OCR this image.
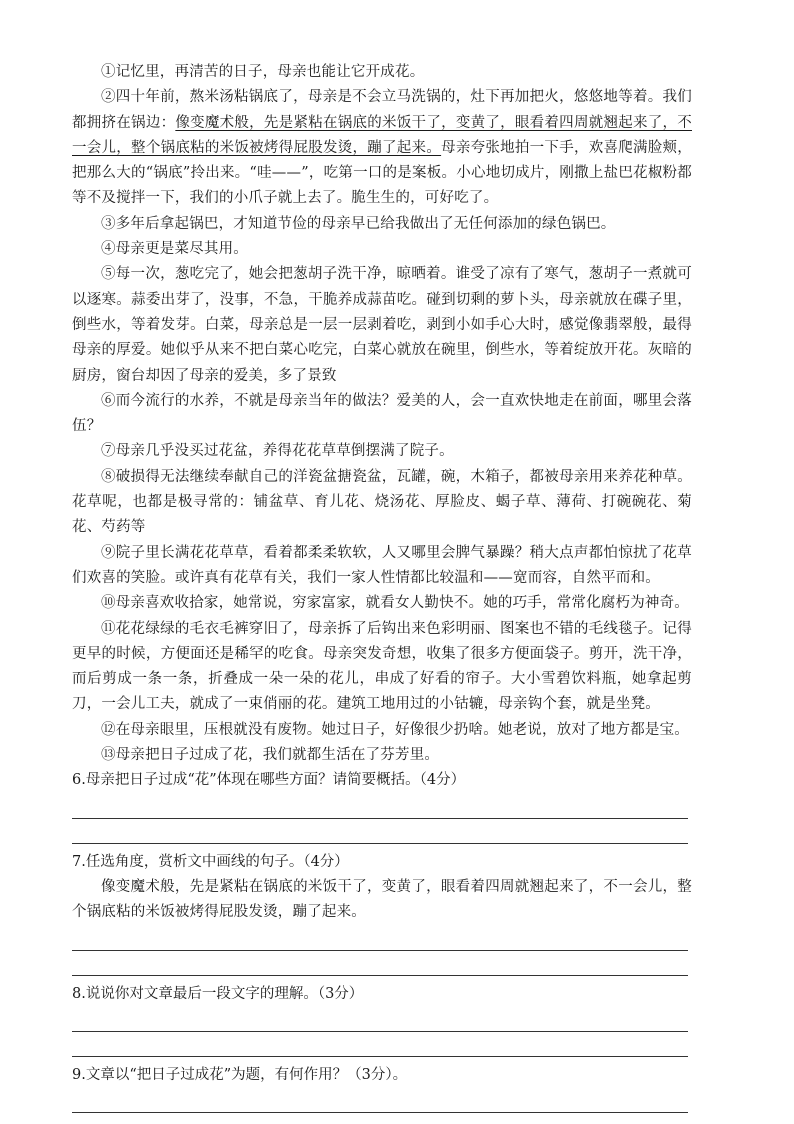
①记忆里，再清苦的日子，母亲也能让它开成花。

②四十年前，熬米汤粘锅底了，母亲是不会立马洗锅的，灶下再加把火，悠悠地等着。我们都拥挤在锅边：像变魔术般，先是紧粘在锅底的米饭干了，变黄了，眼看着四周就翘起来了，不一会儿，整个锅底粘的米饭被烤得屁股发烫，蹦了起来。母亲夸张地拍一下手，欢喜爬满脸颊，把那么大的“锅底”拎出来。“哇——”，吃第一口的是案板。小心地切成片，刚撒上盐巴花椒粉都等不及搅拌一下，我们的小爪子就上去了。脆生生的，可好吃了。

③多年后拿起锅巴，才知道节俭的母亲早已给我做出了无任何添加的绿色锅巴。

④母亲更是菜尽其用。

⑤每一次，葱吃完了，她会把葱胡子洗干净，晾晒着。谁受了凉有了寒气，葱胡子一煮就可以逐寒。蒜委出芽了，没事，不急，干脆养成蒜苗吃。碰到切剩的萝卜头，母亲就放在碟子里，倒些水，等着发芽。白菜，母亲总是一层一层剥着吃，剥到小如手心大时，感觉像翡翠般，最得母亲的厚爱。她似乎从来不把白菜心吃完，白菜心就放在碗里，倒些水，等着绽放开花。灰暗的厨房，窗台却因了母亲的爱美，多了景致

⑥而今流行的水养，不就是母亲当年的做法？爱美的人，会一直欢快地走在前面，哪里会落伍？

⑦母亲几乎没买过花盆，养得花花草草倒摆满了院子。

⑧破损得无法继续奉献自己的洋瓷盆搪瓷盆，瓦罐，碗，木箱子，都被母亲用来养花种草。花草呢，也都是极寻常的：铺盆草、育儿花、烧汤花、厚脸皮、蝎子草、薄荷、打碗碗花、菊花、芍药等

⑨院子里长满花花草草，看着都柔柔软软，人又哪里会脾气暴躁？稍大点声都怕惊扰了花草们欢喜的笑脸。或许真有花草有关，我们一家人性情都比较温和——宽而容，自然平而和。

⑩母亲喜欢收拾家，她常说，穷家富家，就看女人勤快不。她的巧手，常常化腐朽为神奇。

⑪花花绿绿的毛衣毛裤穿旧了，母亲拆了后钩出来色彩明丽、图案也不错的毛线毯子。记得更早的时候，方便面还是稀罕的吃食。母亲突发奇想，收集了很多方便面袋子。剪开，洗干净，而后剪成一条一条，折叠成一朵一朵的花儿，串成了好看的帘子。大小雪碧饮料瓶，她拿起剪刀，一会儿工夫，就成了一束俏丽的花。建筑工地用过的小钴辘，母亲钩个套，就是坐凳。

⑫在母亲眼里，压根就没有废物。她过日子，好像很少扔啥。她老说，放对了地方都是宝。

⑬母亲把日子过成了花，我们就都生活在了芬芳里。

6.母亲把日子过成“花”体现在哪些方面？请简要概括。（4分）

7.任选角度，赏析文中画线的句子。（4分）

像变魔术般，先是紧粘在锅底的米饭干了，变黄了，眼看着四周就翘起来了，不一会儿，整个锅底粘的米饭被烤得屁股发烫，蹦了起来。

8.说说你对文章最后一段文字的理解。（3分）

9.文章以“把日子过成花”为题，有何作用？（3分）。
